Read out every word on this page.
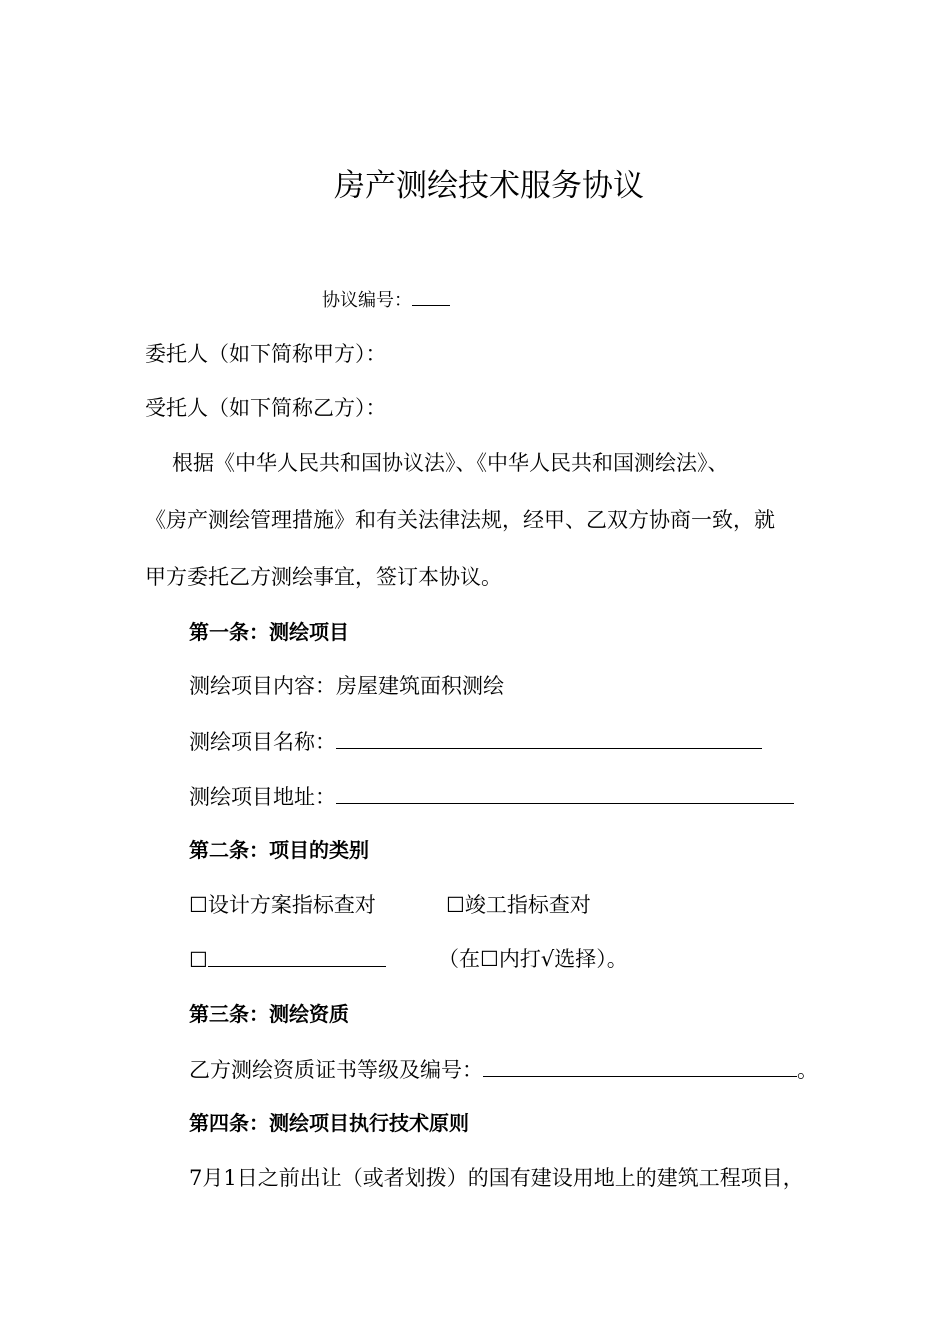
房产测绘技术服务协议
协议编号：
委托人（如下简称甲方）：
受托人（如下简称乙方）：
根据《中华人民共和国协议法》、《中华人民共和国测绘法》、
《房产测绘管理措施》和有关法律法规，经甲、乙双方协商一致，就
甲方委托乙方测绘事宜，签订本协议。
第一条：测绘项目
测绘项目内容：房屋建筑面积测绘
测绘项目名称：
测绘项目地址：
第二条：项目的类别
☐设计方案指标查对	☐竣工指标查对
☐	（在☐内打√选择）。
第三条：测绘资质
乙方测绘资质证书等级及编号：	。
第四条：测绘项目执行技术原则
7月1日之前出让（或者划拨）的国有建设用地上的建筑工程项目，
